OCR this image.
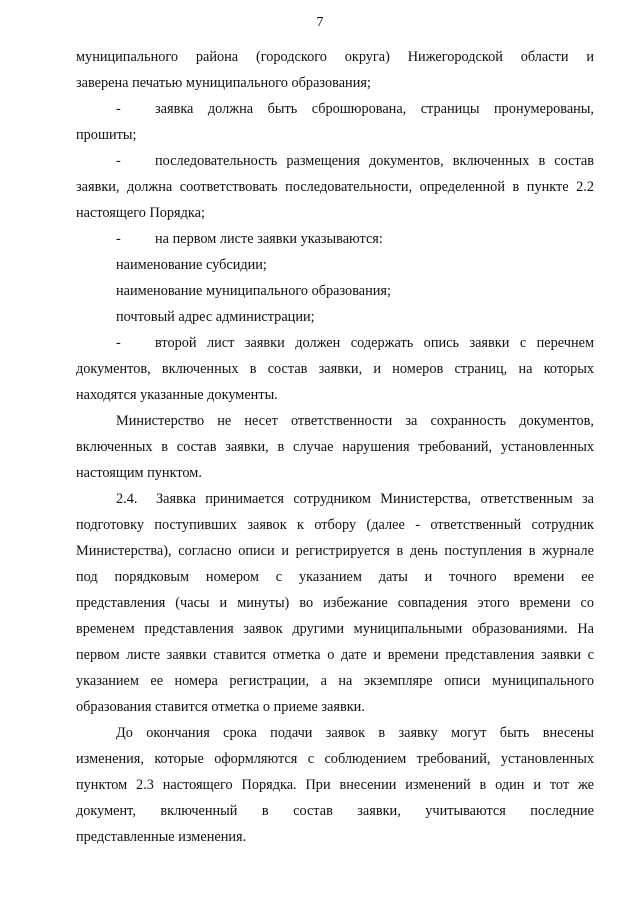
7
муниципального района (городского округа) Нижегородской области и
заверена печатью муниципального образования;
-	заявка должна быть сброшюрована, страницы пронумерованы,
прошиты;
-	последовательность размещения документов, включенных в состав
заявки, должна соответствовать последовательности, определенной в пункте 2.2
настоящего Порядка;
-	на первом листе заявки указываются:
наименование субсидии;
наименование муниципального образования;
почтовый адрес администрации;
-	второй лист заявки должен содержать опись заявки с перечнем
документов, включенных в состав заявки, и номеров страниц, на которых
находятся указанные документы.
Министерство не несет ответственности за сохранность документов,
включенных в состав заявки, в случае нарушения требований, установленных
настоящим пунктом.
2.4.	Заявка принимается сотрудником Министерства, ответственным за
подготовку поступивших заявок к отбору (далее - ответственный сотрудник
Министерства), согласно описи и регистрируется в день поступления в журнале
под порядковым номером с указанием даты и точного времени ее
представления (часы и минуты) во избежание совпадения этого времени со
временем представления заявок другими муниципальными образованиями. На
первом листе заявки ставится отметка о дате и времени представления заявки с
указанием ее номера регистрации, а на экземпляре описи муниципального
образования ставится отметка о приеме заявки.
До окончания срока подачи заявок в заявку могут быть внесены
изменения, которые оформляются с соблюдением требований, установленных
пунктом 2.3 настоящего Порядка. При внесении изменений в один и тот же
документ, включенный в состав заявки, учитываются последние
представленные изменения.
